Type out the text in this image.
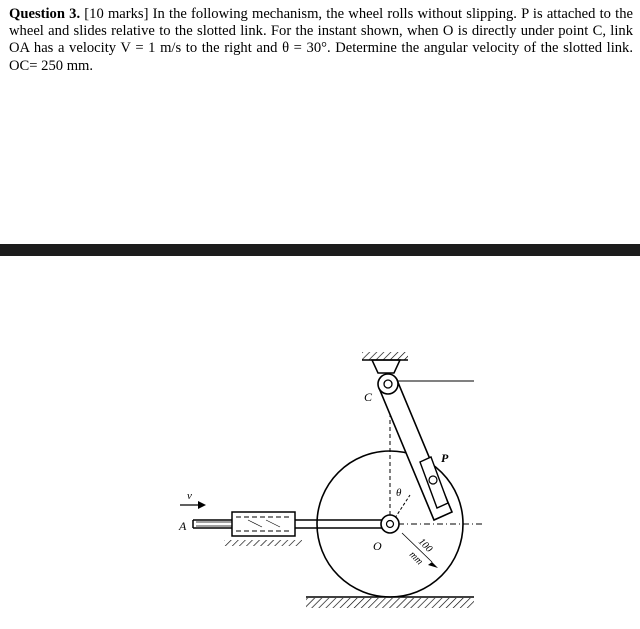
Question 3. [10 marks] In the following mechanism, the wheel rolls without slipping. P is attached to the wheel and slides relative to the slotted link. For the instant shown, when O is directly under point C, link OA has a velocity V = 1 m/s to the right and θ = 30°. Determine the angular velocity of the slotted link. OC= 250 mm.

C
P
A
O
θ
v
100
mm
